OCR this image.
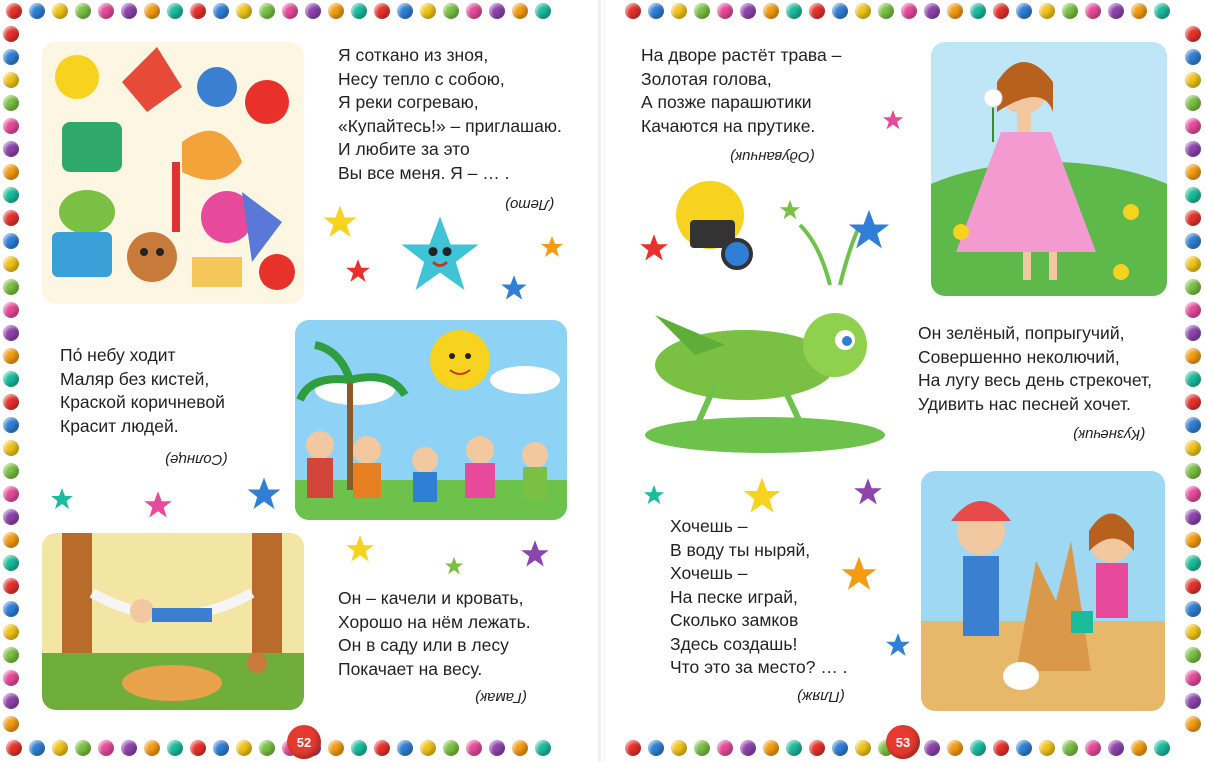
Я соткано из зноя,
Несу тепло с собою,
Я реки согреваю,
«Купайтесь!» – приглашаю.
И любите за это
Вы все меня. Я – … .
(Лето)
По́ небу ходит
Маляр без кистей,
Краской коричневой
Красит людей.
(Солнце)
Он – качели и кровать,
Хорошо на нём лежать.
Он в саду или в лесу
Покачает на весу.
(Гамак)
52
На дворе растёт трава –
Золотая голова,
А позже парашютики
Качаются на прутике.
(Одуванчик)
Он зелёный, попрыгучий,
Совершенно неколючий,
На лугу весь день стрекочет,
Удивить нас песней хочет.
(Кузнечик)
Хочешь –
В воду ты ныряй,
Хочешь –
На песке играй,
Сколько замков
Здесь создашь!
Что это за место? … .
(Пляж)
53
